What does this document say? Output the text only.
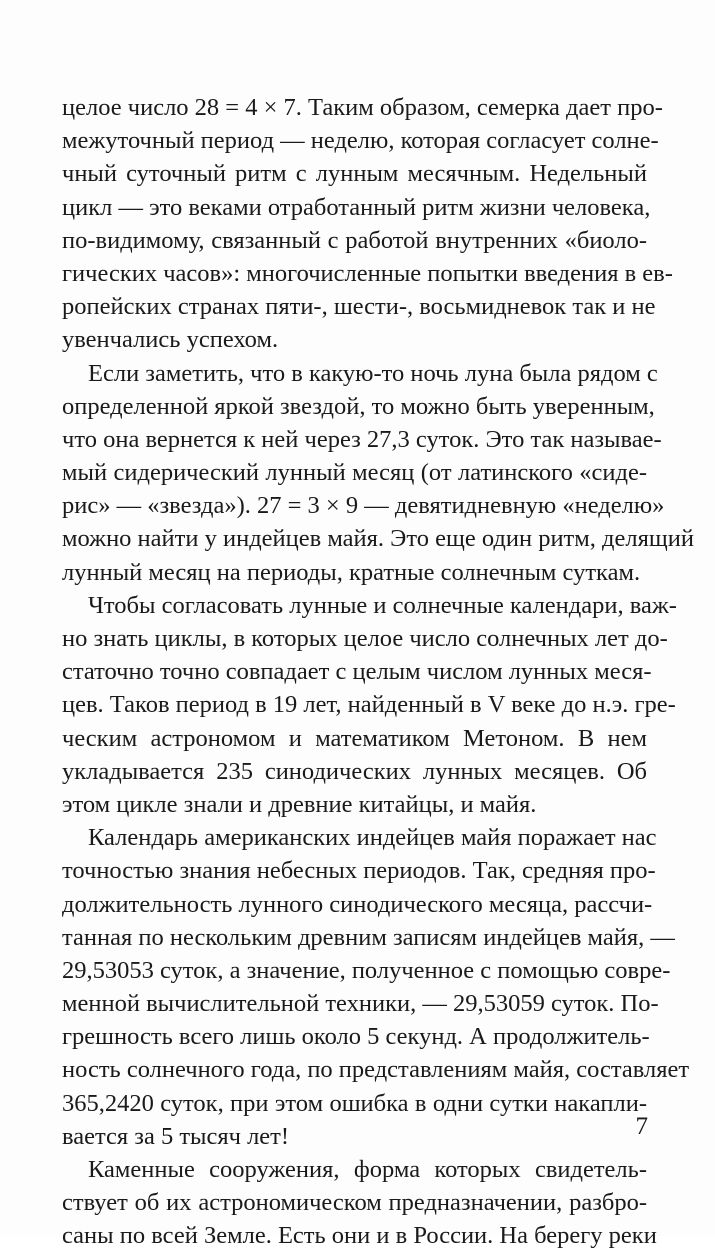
целое число 28 = 4 × 7. Таким образом, семерка дает про-
межуточный период — неделю, которая согласует солне-
чный суточный ритм с лунным месячным. Недельный
цикл — это веками отработанный ритм жизни человека,
по-видимому, связанный с работой внутренних «биоло-
гических часов»: многочисленные попытки введения в ев-
ропейских странах пяти-, шести-, восьмидневок так и не
увенчались успехом.
Если заметить, что в какую-то ночь луна была рядом с
определенной яркой звездой, то можно быть уверенным,
что она вернется к ней через 27,3 суток. Это так называе-
мый сидерический лунный месяц (от латинского «сиде-
рис» — «звезда»). 27 = 3 × 9 — девятидневную «неделю»
можно найти у индейцев майя. Это еще один ритм, делящий
лунный месяц на периоды, кратные солнечным суткам.
Чтобы согласовать лунные и солнечные календари, важ-
но знать циклы, в которых целое число солнечных лет до-
статочно точно совпадает с целым числом лунных меся-
цев. Таков период в 19 лет, найденный в V веке до н.э. гре-
ческим астрономом и математиком Метоном. В нем
укладывается 235 синодических лунных месяцев. Об
этом цикле знали и древние китайцы, и майя.
Календарь американских индейцев майя поражает нас
точностью знания небесных периодов. Так, средняя про-
должительность лунного синодического месяца, рассчи-
танная по нескольким древним записям индейцев майя, —
29,53053 суток, а значение, полученное с помощью совре-
менной вычислительной техники, — 29,53059 суток. По-
грешность всего лишь около 5 секунд. А продолжитель-
ность солнечного года, по представлениям майя, составляет
365,2420 суток, при этом ошибка в одни сутки накапли-
вается за 5 тысяч лет!
Каменные сооружения, форма которых свидетель-
ствует об их астрономическом предназначении, разбро-
саны по всей Земле. Есть они и в России. На берегу реки
7
